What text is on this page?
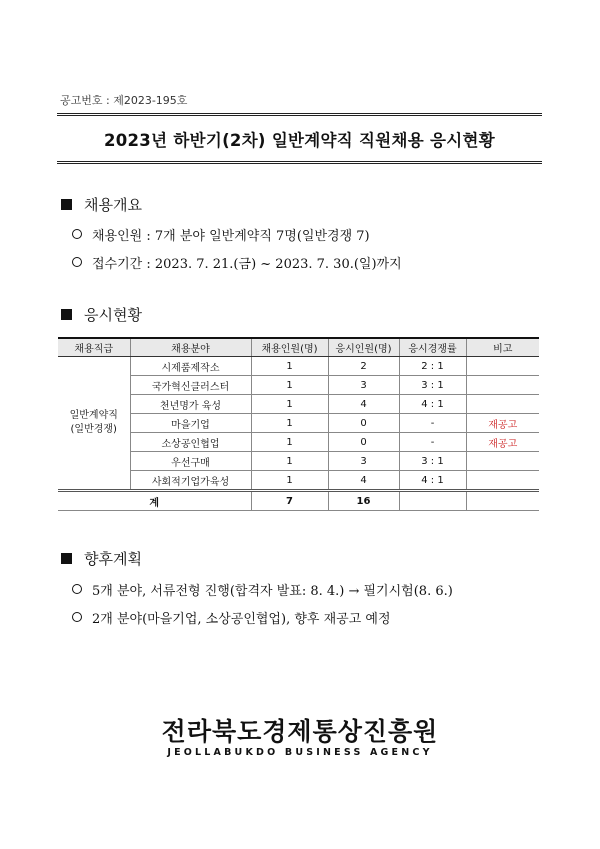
공고번호 : 제2023-195호
2023년 하반기(2차) 일반계약직 직원채용 응시현황
채용개요
채용인원 : 7개 분야 일반계약직 7명(일반경쟁 7)
접수기간 : 2023. 7. 21.(금) ~ 2023. 7. 30.(일)까지
응시현황
채용직급	채용분야	채용인원(명)	응시인원(명)	응시경쟁률	비고
일반계약직
(일반경쟁)	시제품제작소	1	2	2 : 1	
	국가혁신클러스터	1	3	3 : 1	
	천년명가 육성	1	4	4 : 1	
	마을기업	1	0	-	재공고
	소상공인협업	1	0	-	재공고
	우선구매	1	3	3 : 1	
	사회적기업가육성	1	4	4 : 1	
계		7	16		
향후계획
5개 분야, 서류전형 진행(합격자 발표: 8. 4.) → 필기시험(8. 6.)
2개 분야(마을기업, 소상공인협업), 향후 재공고 예정
전라북도경제통상진흥원
JEOLLABUKDO BUSINESS AGENCY
